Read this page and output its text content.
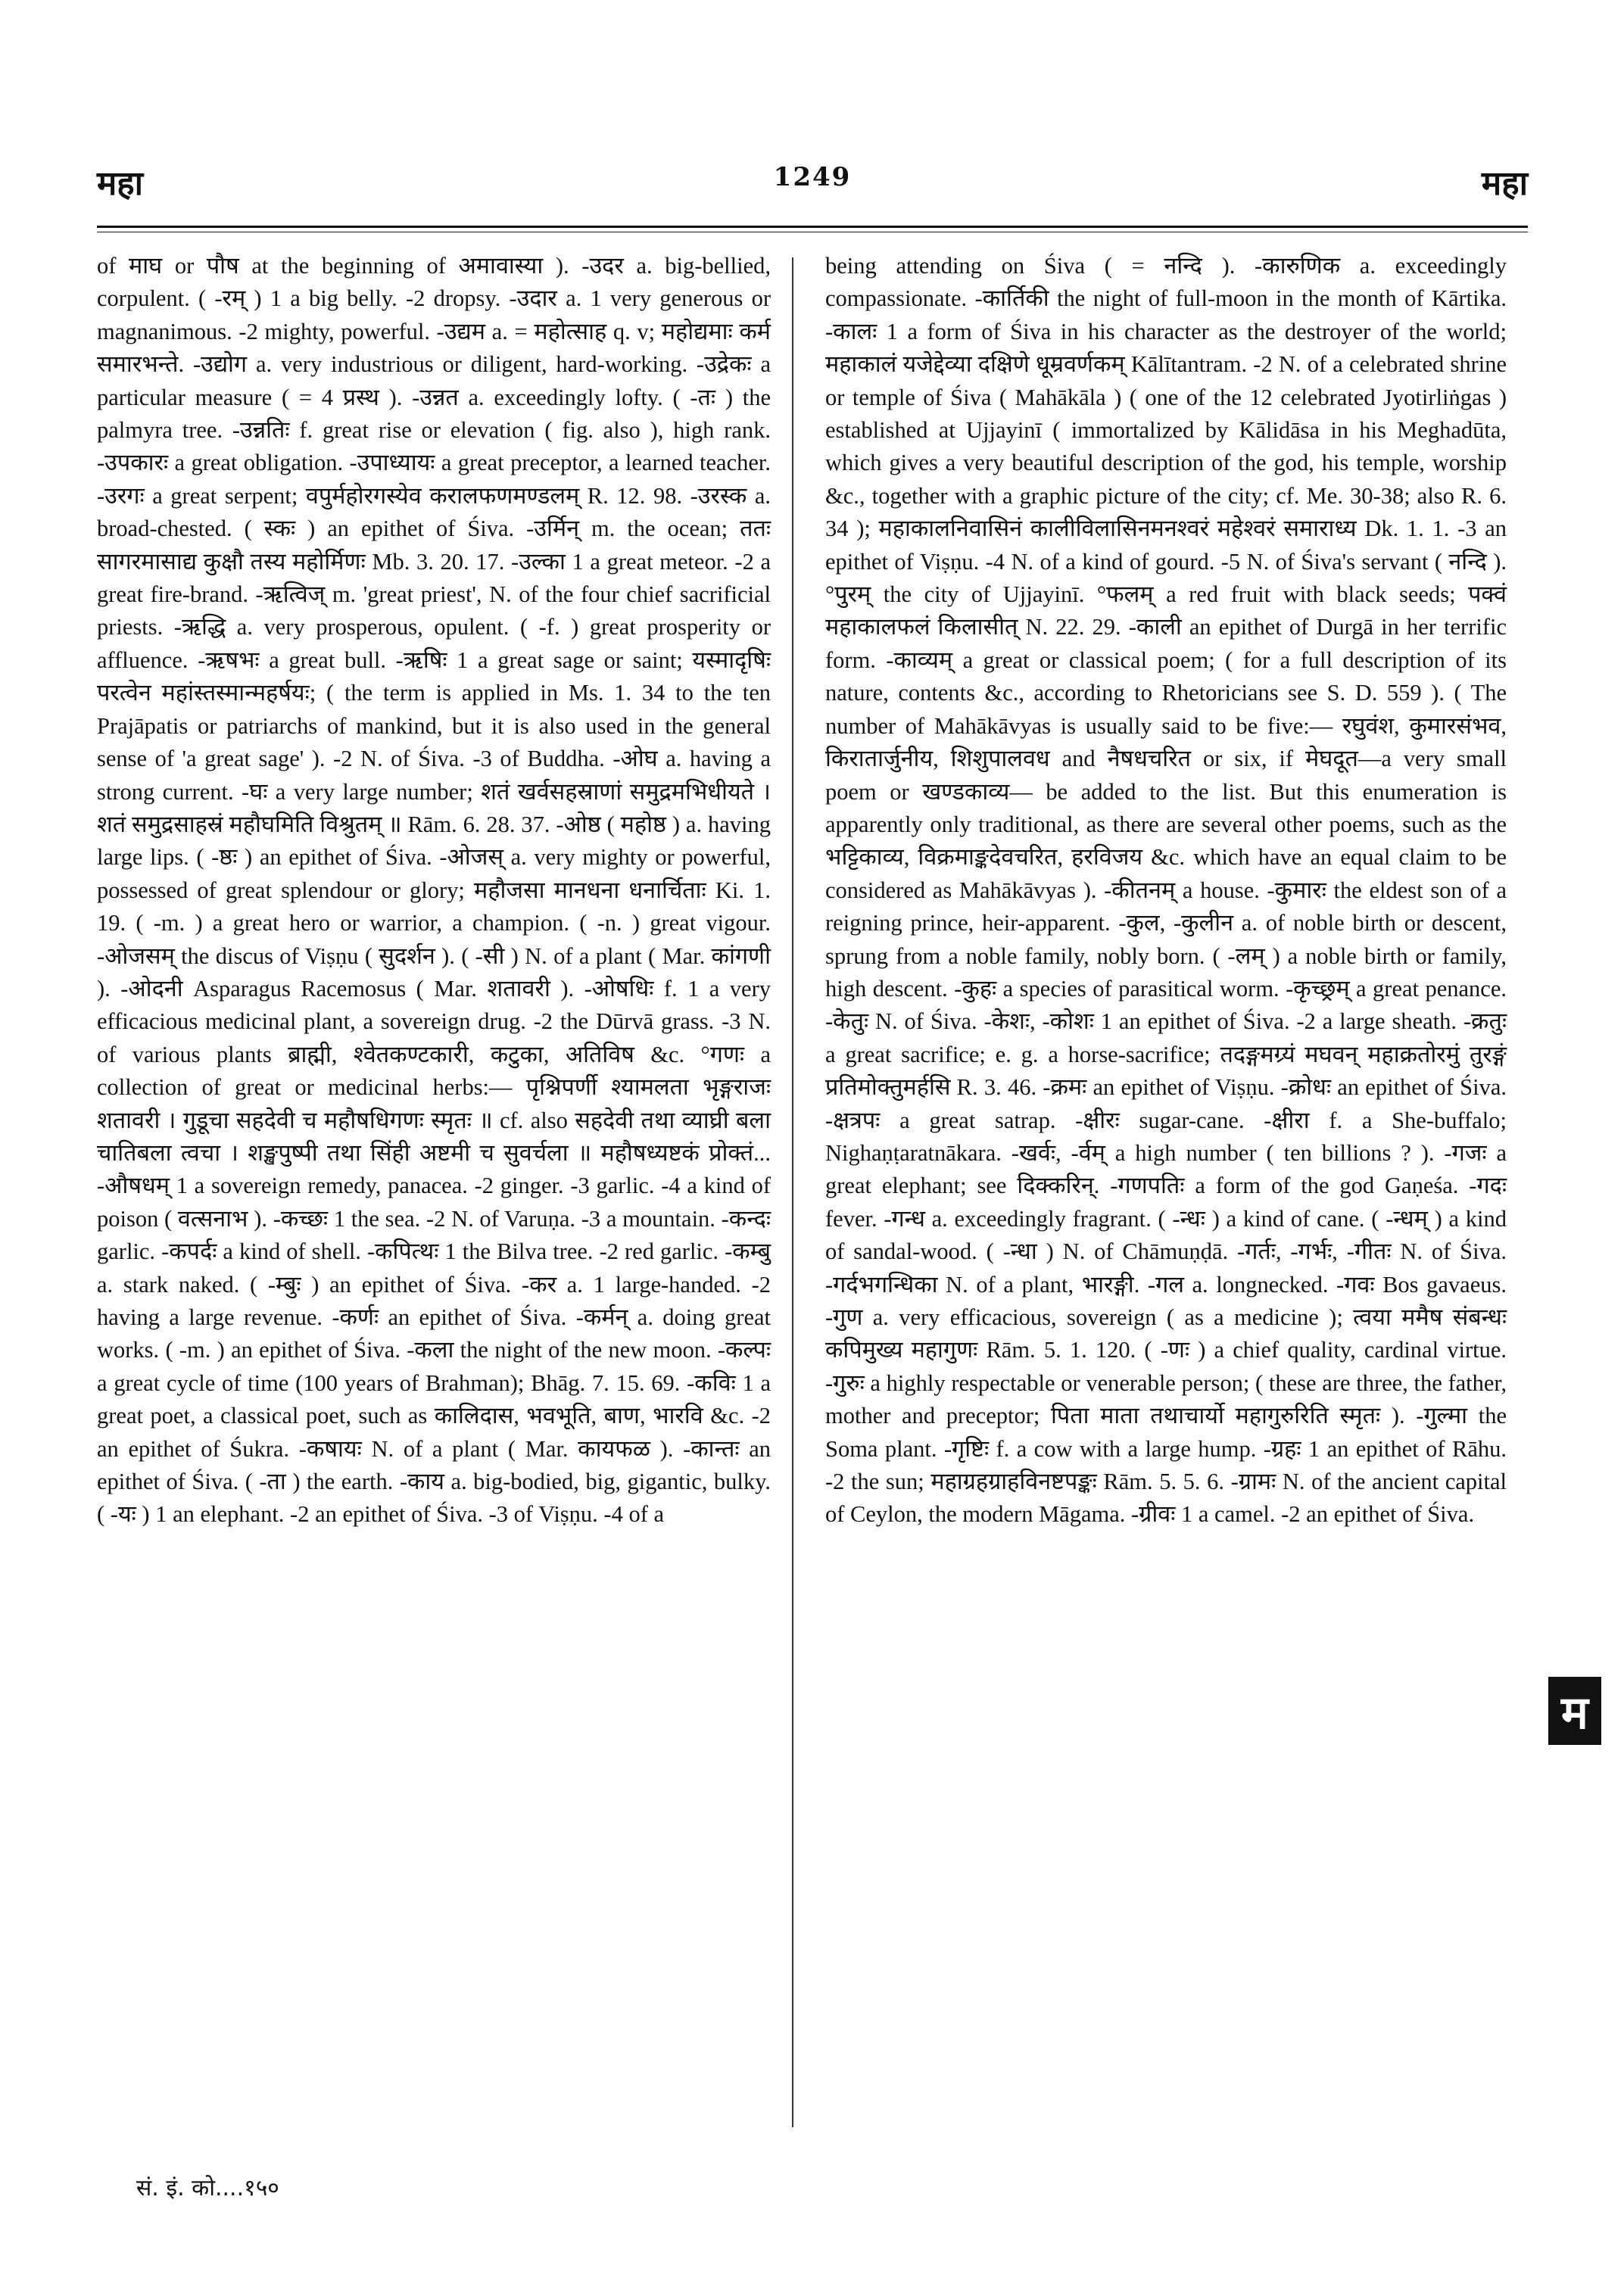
महा	1249	महा

of माघ or पौष at the beginning of अमावास्या ). -उदर a. big-bellied, corpulent. ( -रम् ) 1 a big belly. -2 dropsy. -उदार a. 1 very generous or magnanimous. -2 mighty, powerful. -उद्यम a. = महोत्साह q. v; महोद्यमाः कर्म समारभन्ते. -उद्योग a. very industrious or diligent, hard-working. -उद्रेकः a particular measure ( = 4 प्रस्थ ). -उन्नत a. exceedingly lofty. ( -तः ) the palmyra tree. -उन्नतिः f. great rise or elevation ( fig. also ), high rank. -उपकारः a great obligation. -उपाध्यायः a great preceptor, a learned teacher. -उरगः a great serpent; वपुर्महोरगस्येव करालफणमण्डलम् R. 12. 98. -उरस्क a. broad-chested. ( स्कः ) an epithet of Śiva. -उर्मिन् m. the ocean; ततः सागरमासाद्य कुक्षौ तस्य महोर्मिणः Mb. 3. 20. 17. -उल्का 1 a great meteor. -2 a great fire-brand. -ऋत्विज् m. 'great priest', N. of the four chief sacrificial priests. -ऋद्धि a. very prosperous, opulent. ( -f. ) great prosperity or affluence. -ऋषभः a great bull. -ऋषिः 1 a great sage or saint; यस्मादृषिः परत्वेन महांस्तस्मान्महर्षयः; ( the term is applied in Ms. 1. 34 to the ten Prajāpatis or patriarchs of mankind, but it is also used in the general sense of 'a great sage' ). -2 N. of Śiva. -3 of Buddha. -ओघ a. having a strong current. -घः a very large number; शतं खर्वसहस्राणां समुद्रमभिधीयते । शतं समुद्रसाहस्रं महौघमिति विश्रुतम् ॥ Rām. 6. 28. 37. -ओष्ठ ( महोष्ठ ) a. having large lips. ( -ष्ठः ) an epithet of Śiva. -ओजस् a. very mighty or powerful, possessed of great splendour or glory; महौजसा मानधना धनार्चिताः Ki. 1. 19. ( -m. ) a great hero or warrior, a champion. ( -n. ) great vigour. -ओजसम् the discus of Viṣṇu ( सुदर्शन ). ( -सी ) N. of a plant ( Mar. कांगणी ). -ओदनी Asparagus Racemosus ( Mar. शतावरी ). -ओषधिः f. 1 a very efficacious medicinal plant, a sovereign drug. -2 the Dūrvā grass. -3 N. of various plants ब्राह्मी, श्वेतकण्टकारी, कटुका, अतिविष &c. °गणः a collection of great or medicinal herbs:— पृश्निपर्णी श्यामलता भृङ्गराजः शतावरी । गुडूचा सहदेवी च महौषधिगणः स्मृतः ॥ cf. also सहदेवी तथा व्याघ्री बला चातिबला त्वचा । शङ्खपुष्पी तथा सिंही अष्टमी च सुवर्चला ॥ महौषध्यष्टकं प्रोक्तं... -औषधम् 1 a sovereign remedy, panacea. -2 ginger. -3 garlic. -4 a kind of poison ( वत्सनाभ ). -कच्छः 1 the sea. -2 N. of Varuṇa. -3 a mountain. -कन्दः garlic. -कपर्दः a kind of shell. -कपित्थः 1 the Bilva tree. -2 red garlic. -कम्बु a. stark naked. ( -म्बुः ) an epithet of Śiva. -कर a. 1 large-handed. -2 having a large revenue. -कर्णः an epithet of Śiva. -कर्मन् a. doing great works. ( -m. ) an epithet of Śiva. -कला the night of the new moon. -कल्पः a great cycle of time (100 years of Brahman); Bhāg. 7. 15. 69. -कविः 1 a great poet, a classical poet, such as कालिदास, भवभूति, बाण, भारवि &c. -2 an epithet of Śukra. -कषायः N. of a plant ( Mar. कायफळ ). -कान्तः an epithet of Śiva. ( -ता ) the earth. -काय a. big-bodied, big, gigantic, bulky. ( -यः ) 1 an elephant. -2 an epithet of Śiva. -3 of Viṣṇu. -4 of a

being attending on Śiva ( = नन्दि ). -कारुणिक a. exceedingly compassionate. -कार्तिकी the night of full-moon in the month of Kārtika. -कालः 1 a form of Śiva in his character as the destroyer of the world; महाकालं यजेद्देव्या दक्षिणे धूम्रवर्णकम् Kālītantram. -2 N. of a celebrated shrine or temple of Śiva ( Mahākāla ) ( one of the 12 celebrated Jyotirliṅgas ) established at Ujjayinī ( immortalized by Kālidāsa in his Meghadūta, which gives a very beautiful description of the god, his temple, worship &c., together with a graphic picture of the city; cf. Me. 30-38; also R. 6. 34 ); महाकालनिवासिनं कालीविलासिनमनश्वरं महेश्वरं समाराध्य Dk. 1. 1. -3 an epithet of Viṣṇu. -4 N. of a kind of gourd. -5 N. of Śiva's servant ( नन्दि ). °पुरम् the city of Ujjayinī. °फलम् a red fruit with black seeds; पक्वं महाकालफलं किलासीत् N. 22. 29. -काली an epithet of Durgā in her terrific form. -काव्यम् a great or classical poem; ( for a full description of its nature, contents &c., according to Rhetoricians see S. D. 559 ). ( The number of Mahākāvyas is usually said to be five:— रघुवंश, कुमारसंभव, किरातार्जुनीय, शिशुपालवध and नैषधचरित or six, if मेघदूत—a very small poem or खण्डकाव्य— be added to the list. But this enumeration is apparently only traditional, as there are several other poems, such as the भट्टिकाव्य, विक्रमाङ्कदेवचरित, हरविजय &c. which have an equal claim to be considered as Mahākāvyas ). -कीतनम् a house. -कुमारः the eldest son of a reigning prince, heir-apparent. -कुल, -कुलीन a. of noble birth or descent, sprung from a noble family, nobly born. ( -लम् ) a noble birth or family, high descent. -कुहः a species of parasitical worm. -कृच्छ्रम् a great penance. -केतुः N. of Śiva. -केशः, -कोशः 1 an epithet of Śiva. -2 a large sheath. -क्रतुः a great sacrifice; e. g. a horse-sacrifice; तदङ्गमग्र्यं मघवन् महाक्रतोरमुं तुरङ्गं प्रतिमोक्तुमर्हसि R. 3. 46. -क्रमः an epithet of Viṣṇu. -क्रोधः an epithet of Śiva. -क्षत्रपः a great satrap. -क्षीरः sugar-cane. -क्षीरा f. a She-buffalo; Nighaṇṭaratnākara. -खर्वः, -र्वम् a high number ( ten billions ? ). -गजः a great elephant; see दिक्करिन्. -गणपतिः a form of the god Gaṇeśa. -गदः fever. -गन्ध a. exceedingly fragrant. ( -न्धः ) a kind of cane. ( -न्धम् ) a kind of sandal-wood. ( -न्धा ) N. of Chāmuṇḍā. -गर्तः, -गर्भः, -गीतः N. of Śiva. -गर्दभगन्धिका N. of a plant, भारङ्गी. -गल a. longnecked. -गवः Bos gavaeus. -गुण a. very efficacious, sovereign ( as a medicine ); त्वया ममैष संबन्धः कपिमुख्य महागुणः Rām. 5. 1. 120. ( -णः ) a chief quality, cardinal virtue. -गुरुः a highly respectable or venerable person; ( these are three, the father, mother and preceptor; पिता माता तथाचार्यो महागुरुरिति स्मृतः ). -गुल्मा the Soma plant. -गृष्टिः f. a cow with a large hump. -ग्रहः 1 an epithet of Rāhu. -2 the sun; महाग्रहग्राहविनष्टपङ्कः Rām. 5. 5. 6. -ग्रामः N. of the ancient capital of Ceylon, the modern Māgama. -ग्रीवः 1 a camel. -2 an epithet of Śiva.

सं. इं. को....१५०
म
